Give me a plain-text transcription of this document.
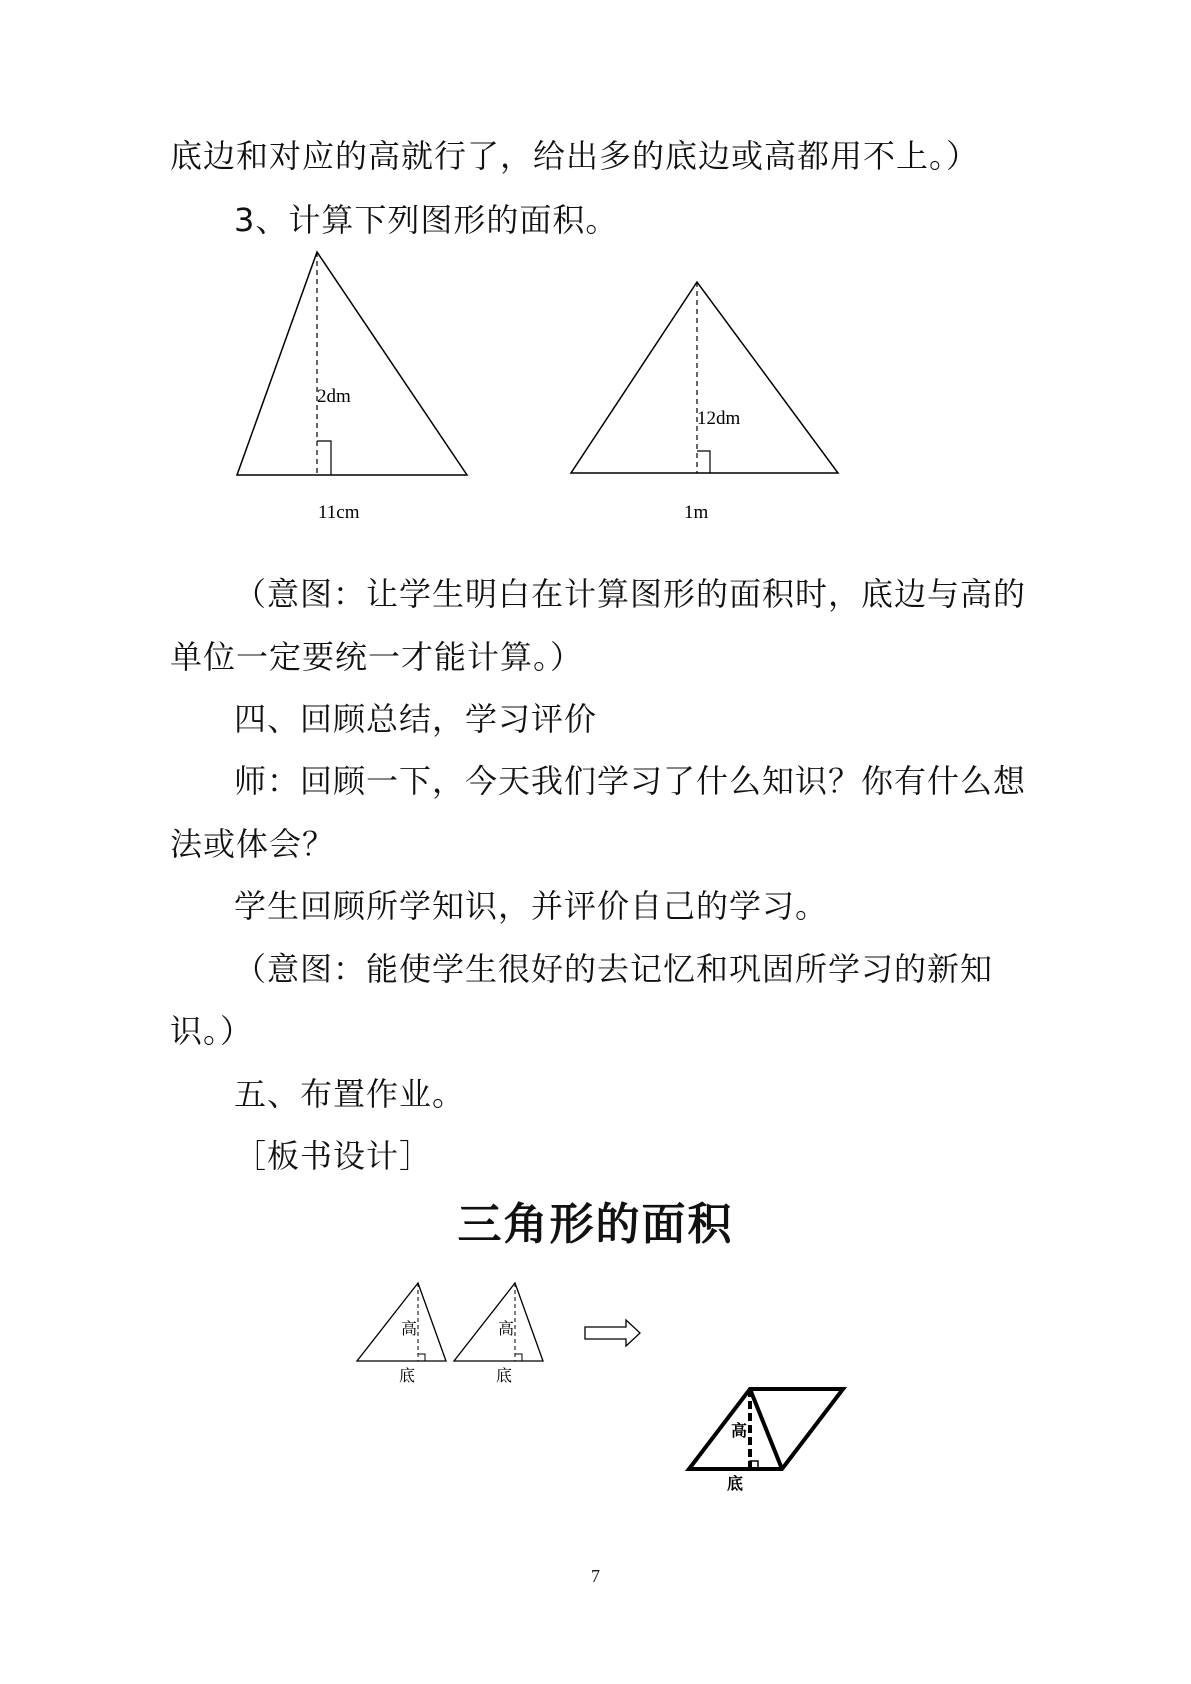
底边和对应的高就行了，给出多的底边或高都用不上。）
3、计算下列图形的面积。
2dm
11cm
12dm
1m
高
底
高
底
高
底
（意图：让学生明白在计算图形的面积时，底边与高的
单位一定要统一才能计算。）
四、回顾总结，学习评价
师：回顾一下，今天我们学习了什么知识？你有什么想
法或体会？
学生回顾所学知识，并评价自己的学习。
（意图：能使学生很好的去记忆和巩固所学习的新知
识。）
五、布置作业。
［板书设计］
三角形的面积
7
